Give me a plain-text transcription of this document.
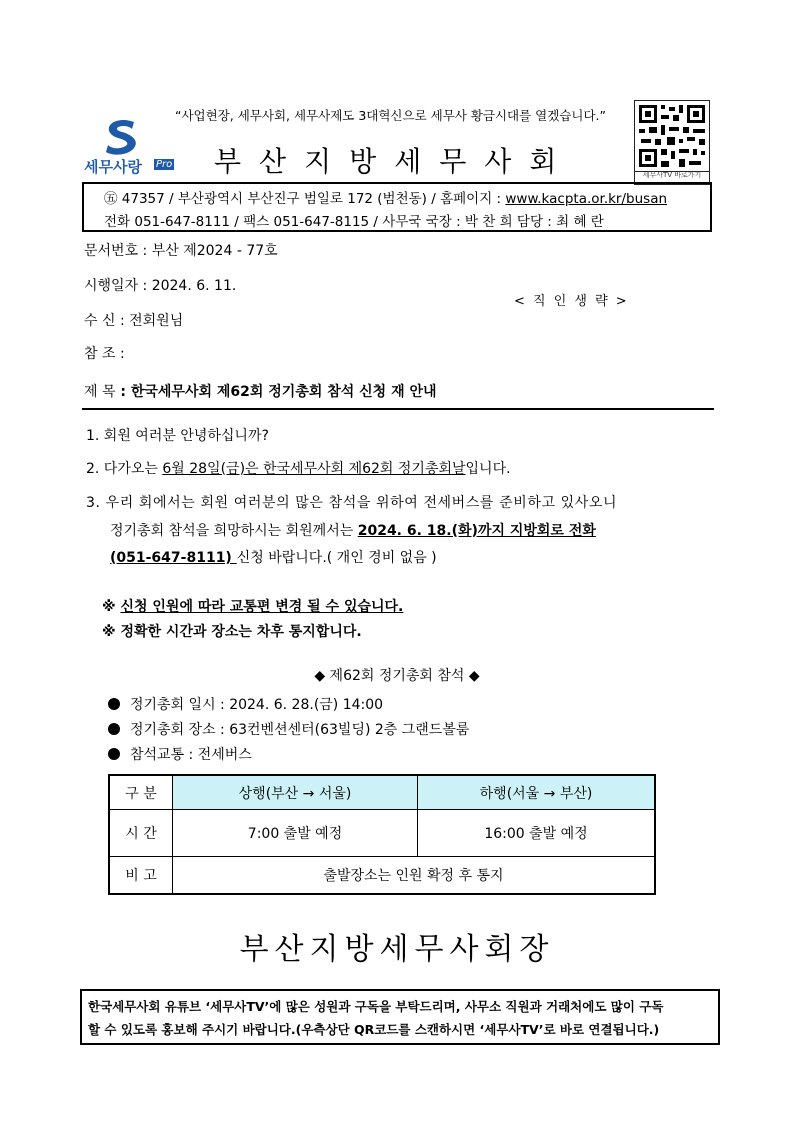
“사업현장, 세무사회, 세무사제도 3대혁신으로 세무사 황금시대를 열겠습니다.”
세무사랑 Pro 부산지방세무사회	세무사TV 바로가기
㊄ 47357 / 부산광역시 부산진구 범일로 172 (범천동) / 홈페이지 : www.kacpta.or.kr/busan
전화 051-647-8111 / 팩스 051-647-8115 / 사무국 국장 : 박 찬 희 담당 : 최 혜 란
문서번호 : 부산 제2024 - 77호
시행일자 : 2024. 6. 11.
< 직 인 생 략 >
수 신 : 전회원님
참 조 :
제 목 : 한국세무사회 제62회 정기총회 참석 신청 재 안내
1. 회원 여러분 안녕하십니까?
2. 다가오는 6월 28일(금)은 한국세무사회 제62회 정기총회날입니다.
3. 우리 회에서는 회원 여러분의 많은 참석을 위하여 전세버스를 준비하고 있사오니
정기총회 참석을 희망하시는 회원께서는 2024. 6. 18.(화)까지 지방회로 전화
(051-647-8111) 신청 바랍니다.( 개인 경비 없음 )
※ 신청 인원에 따라 교통편 변경 될 수 있습니다.
※ 정확한 시간과 장소는 차후 통지합니다.
◆ 제62회 정기총회 참석 ◆
정기총회 일시 : 2024. 6. 28.(금) 14:00
정기총회 장소 : 63컨벤션센터(63빌딩) 2층 그랜드볼룸
참석교통 : 전세버스
구 분	상행(부산 → 서울)	하행(서울 → 부산)
시 간	7:00 출발 예정	16:00 출발 예정
비 고	출발장소는 인원 확정 후 통지	
부산지방세무사회장
한국세무사회 유튜브 ‘세무사TV’에 많은 성원과 구독을 부탁드리며, 사무소 직원과 거래처에도 많이 구독
할 수 있도록 홍보해 주시기 바랍니다.(우측상단 QR코드를 스캔하시면 ‘세무사TV’로 바로 연결됩니다.)
